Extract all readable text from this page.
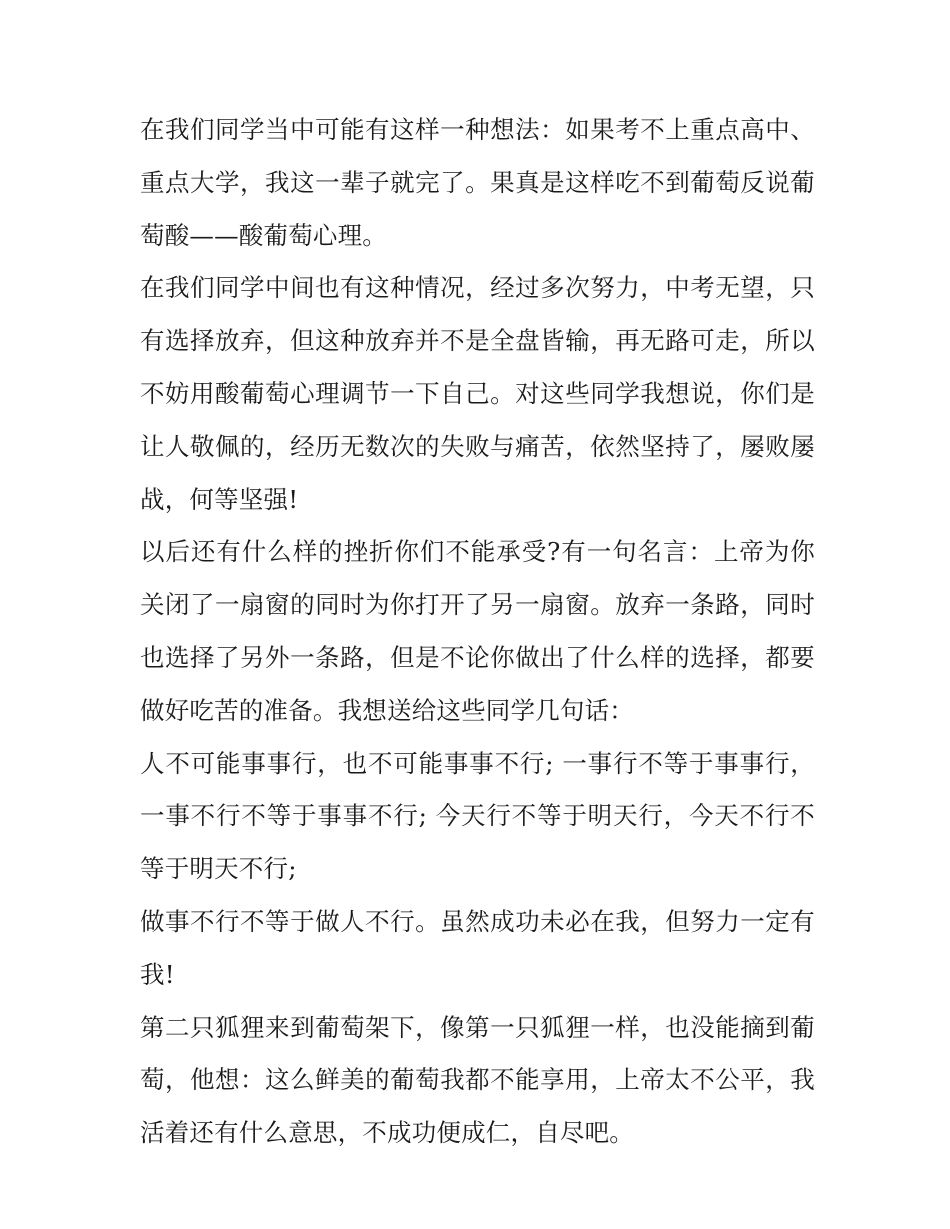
在我们同学当中可能有这样一种想法：如果考不上重点高中、重点大学，我这一辈子就完了。果真是这样吃不到葡萄反说葡萄酸——酸葡萄心理。

在我们同学中间也有这种情况，经过多次努力，中考无望，只有选择放弃，但这种放弃并不是全盘皆输，再无路可走，所以不妨用酸葡萄心理调节一下自己。对这些同学我想说，你们是让人敬佩的，经历无数次的失败与痛苦，依然坚持了，屡败屡战，何等坚强!

以后还有什么样的挫折你们不能承受?有一句名言：上帝为你关闭了一扇窗的同时为你打开了另一扇窗。放弃一条路，同时也选择了另外一条路，但是不论你做出了什么样的选择，都要做好吃苦的准备。我想送给这些同学几句话：

人不可能事事行，也不可能事事不行; 一事行不等于事事行，一事不行不等于事事不行; 今天行不等于明天行，今天不行不等于明天不行;

做事不行不等于做人不行。虽然成功未必在我，但努力一定有我!

第二只狐狸来到葡萄架下，像第一只狐狸一样，也没能摘到葡萄，他想：这么鲜美的葡萄我都不能享用，上帝太不公平，我活着还有什么意思，不成功便成仁，自尽吧。
